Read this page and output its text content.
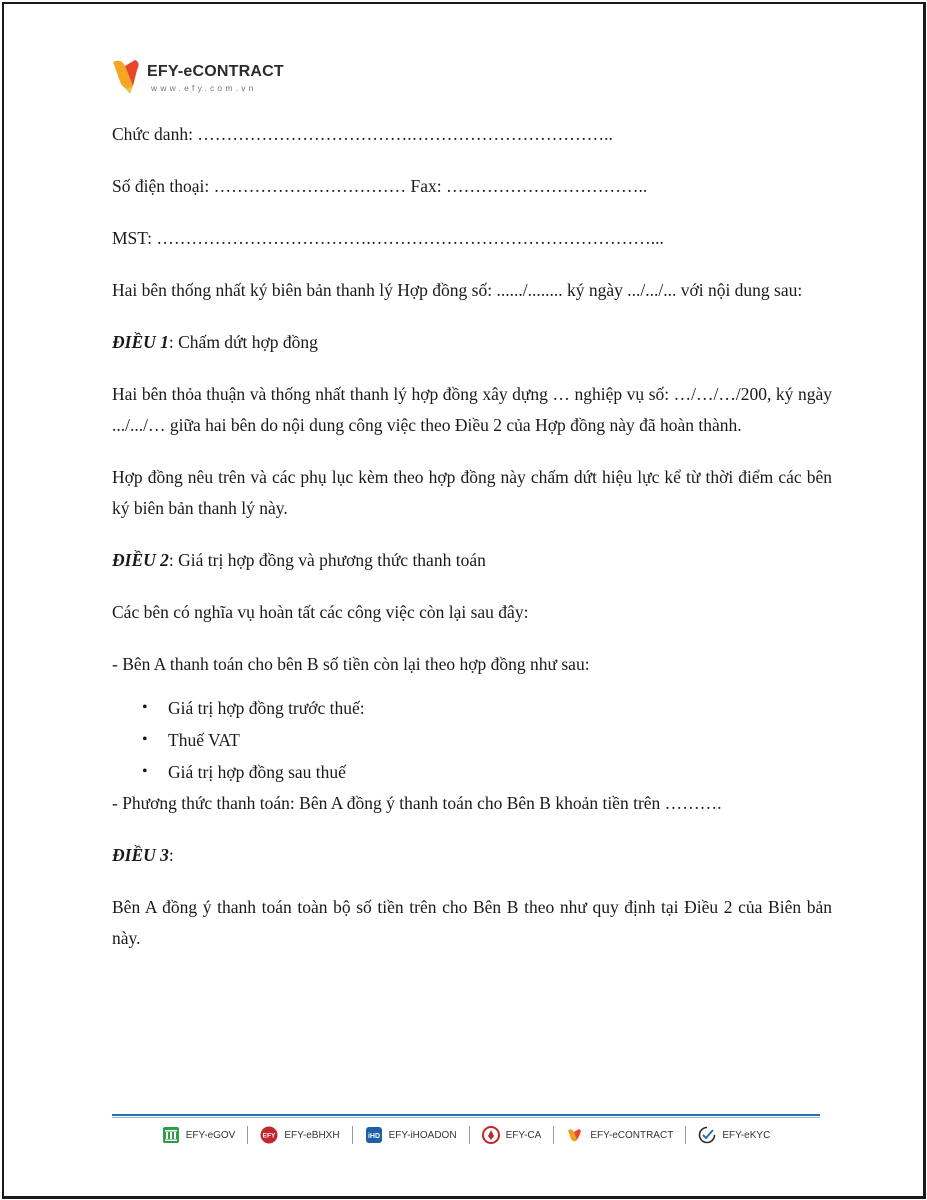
EFY-eCONTRACT
www.efy.com.vn

Chức danh: ……………………………….……………………………..

Số điện thoại: …………………………… Fax: ……………………………..

MST: ……………………………….…………………………………………...

Hai bên thống nhất ký biên bản thanh lý Hợp đồng số: ....../........ ký ngày .../.../... với nội dung sau:

ĐIỀU 1: Chấm dứt hợp đồng

Hai bên thỏa thuận và thống nhất thanh lý hợp đồng xây dựng … nghiệp vụ số: …/…/…/200, ký ngày .../.../… giữa hai bên do nội dung công việc theo Điều 2 của Hợp đồng này đã hoàn thành.

Hợp đồng nêu trên và các phụ lục kèm theo hợp đồng này chấm dứt hiệu lực kể từ thời điểm các bên ký biên bản thanh lý này.

ĐIỀU 2: Giá trị hợp đồng và phương thức thanh toán

Các bên có nghĩa vụ hoàn tất các công việc còn lại sau đây:

- Bên A thanh toán cho bên B số tiền còn lại theo hợp đồng như sau:

• Giá trị hợp đồng trước thuế:
• Thuế VAT
• Giá trị hợp đồng sau thuế

- Phương thức thanh toán: Bên A đồng ý thanh toán cho Bên B khoản tiền trên ……….

ĐIỀU 3:

Bên A đồng ý thanh toán toàn bộ số tiền trên cho Bên B theo như quy định tại Điều 2 của Biên bản này.

EFY-eGOV	EFY EFY-eBHXH	iHD EFY-iHOADON	EFY-CA	EFY-eCONTRACT	EFY-eKYC
